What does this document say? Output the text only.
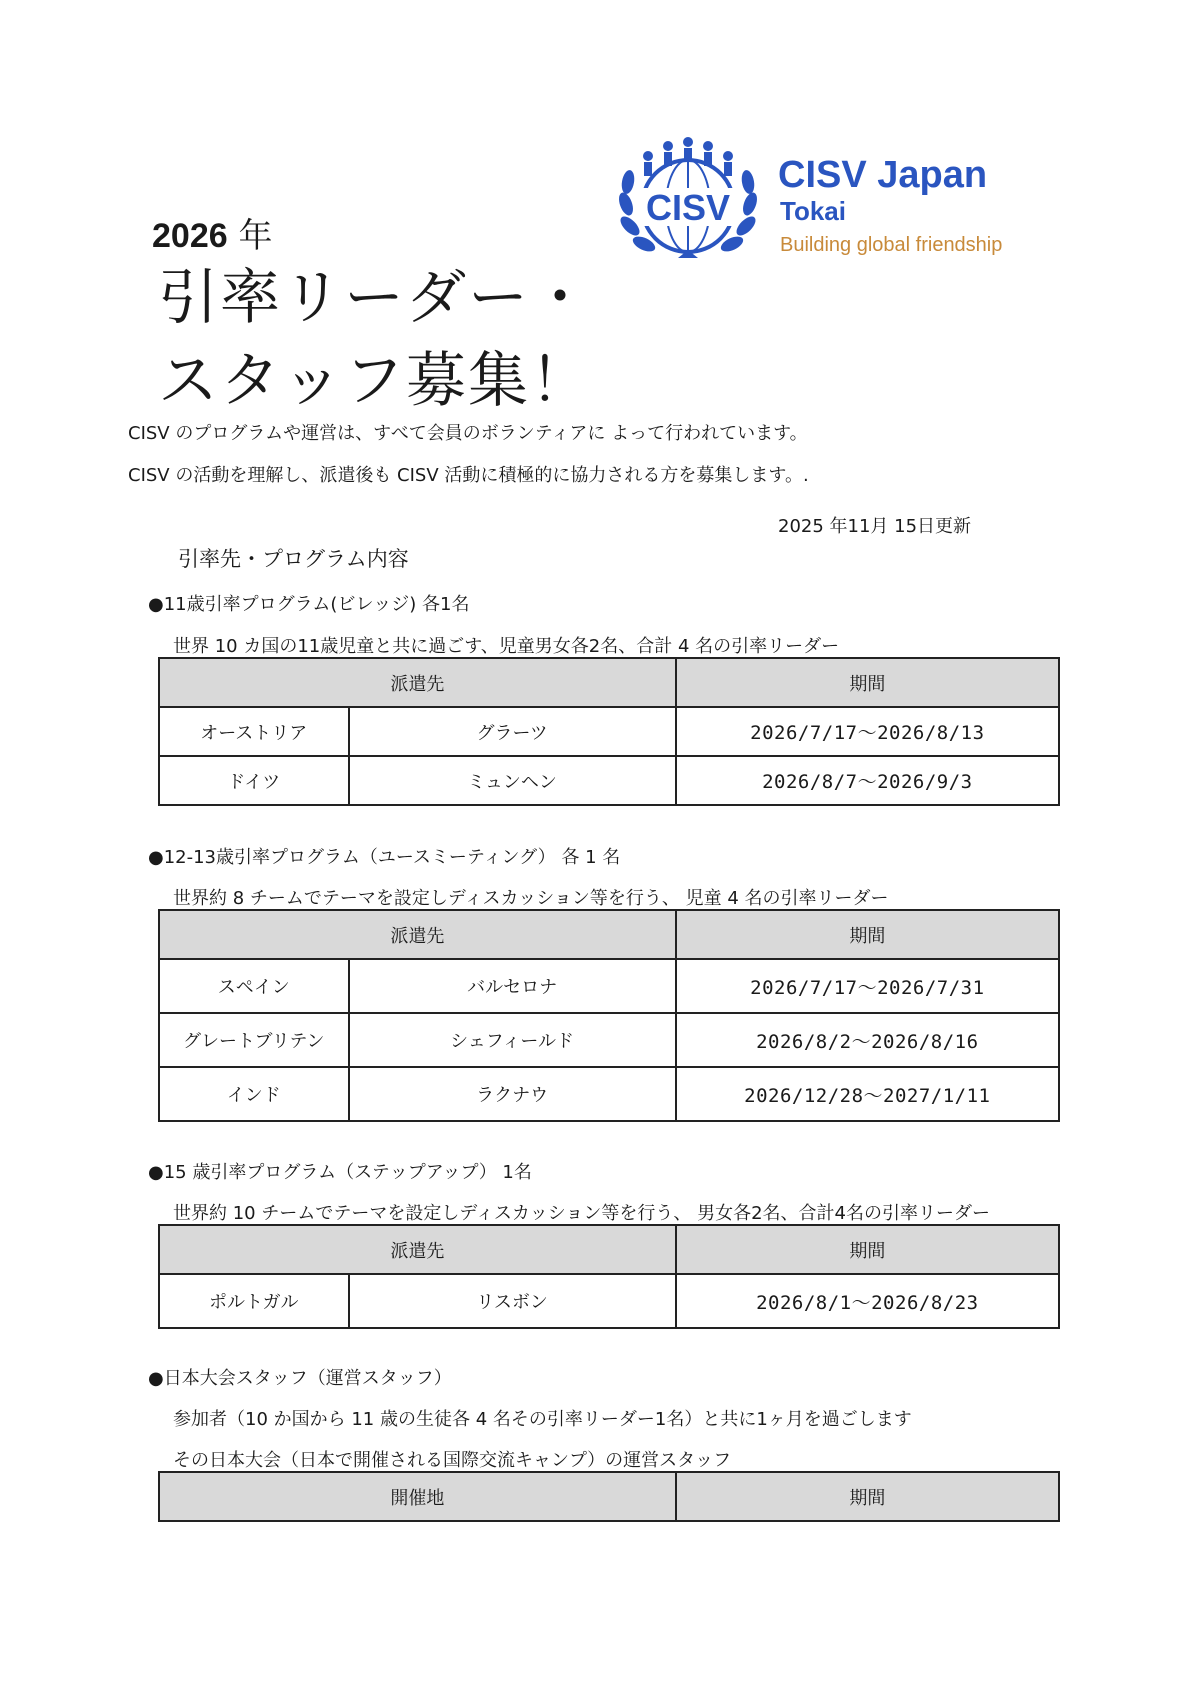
CISV
CISV Japan
Tokai
Building global friendship
2026 年
引率リーダー・
スタッフ募集！
CISV のプログラムや運営は、すべて会員のボランティアに よって行われています。
CISV の活動を理解し、派遣後も CISV 活動に積極的に協力される方を募集します。.
2025 年11月 15日更新
引率先・プログラム内容
●11歳引率プログラム(ビレッジ) 各1名
世界 10 カ国の11歳児童と共に過ごす、児童男女各2名、合計 4 名の引率リーダー
派遣先		期間
オーストリア	グラーツ	2026/7/17〜2026/8/13
ドイツ	ミュンヘン	2026/8/7〜2026/9/3
●12-13歳引率プログラム（ユースミーティング） 各 1 名
世界約 8 チームでテーマを設定しディスカッション等を行う、 児童 4 名の引率リーダー
派遣先		期間
スペイン	バルセロナ	2026/7/17〜2026/7/31
グレートブリテン	シェフィールド	2026/8/2〜2026/8/16
インド	ラクナウ	2026/12/28〜2027/1/11
●15 歳引率プログラム（ステップアップ） 1名
世界約 10 チームでテーマを設定しディスカッション等を行う、 男女各2名、合計4名の引率リーダー
派遣先		期間
ポルトガル	リスボン	2026/8/1〜2026/8/23
●日本大会スタッフ（運営スタッフ）
参加者（10 か国から 11 歳の生徒各 4 名その引率リーダー1名）と共に1ヶ月を過ごします
その日本大会（日本で開催される国際交流キャンプ）の運営スタッフ
開催地	期間
